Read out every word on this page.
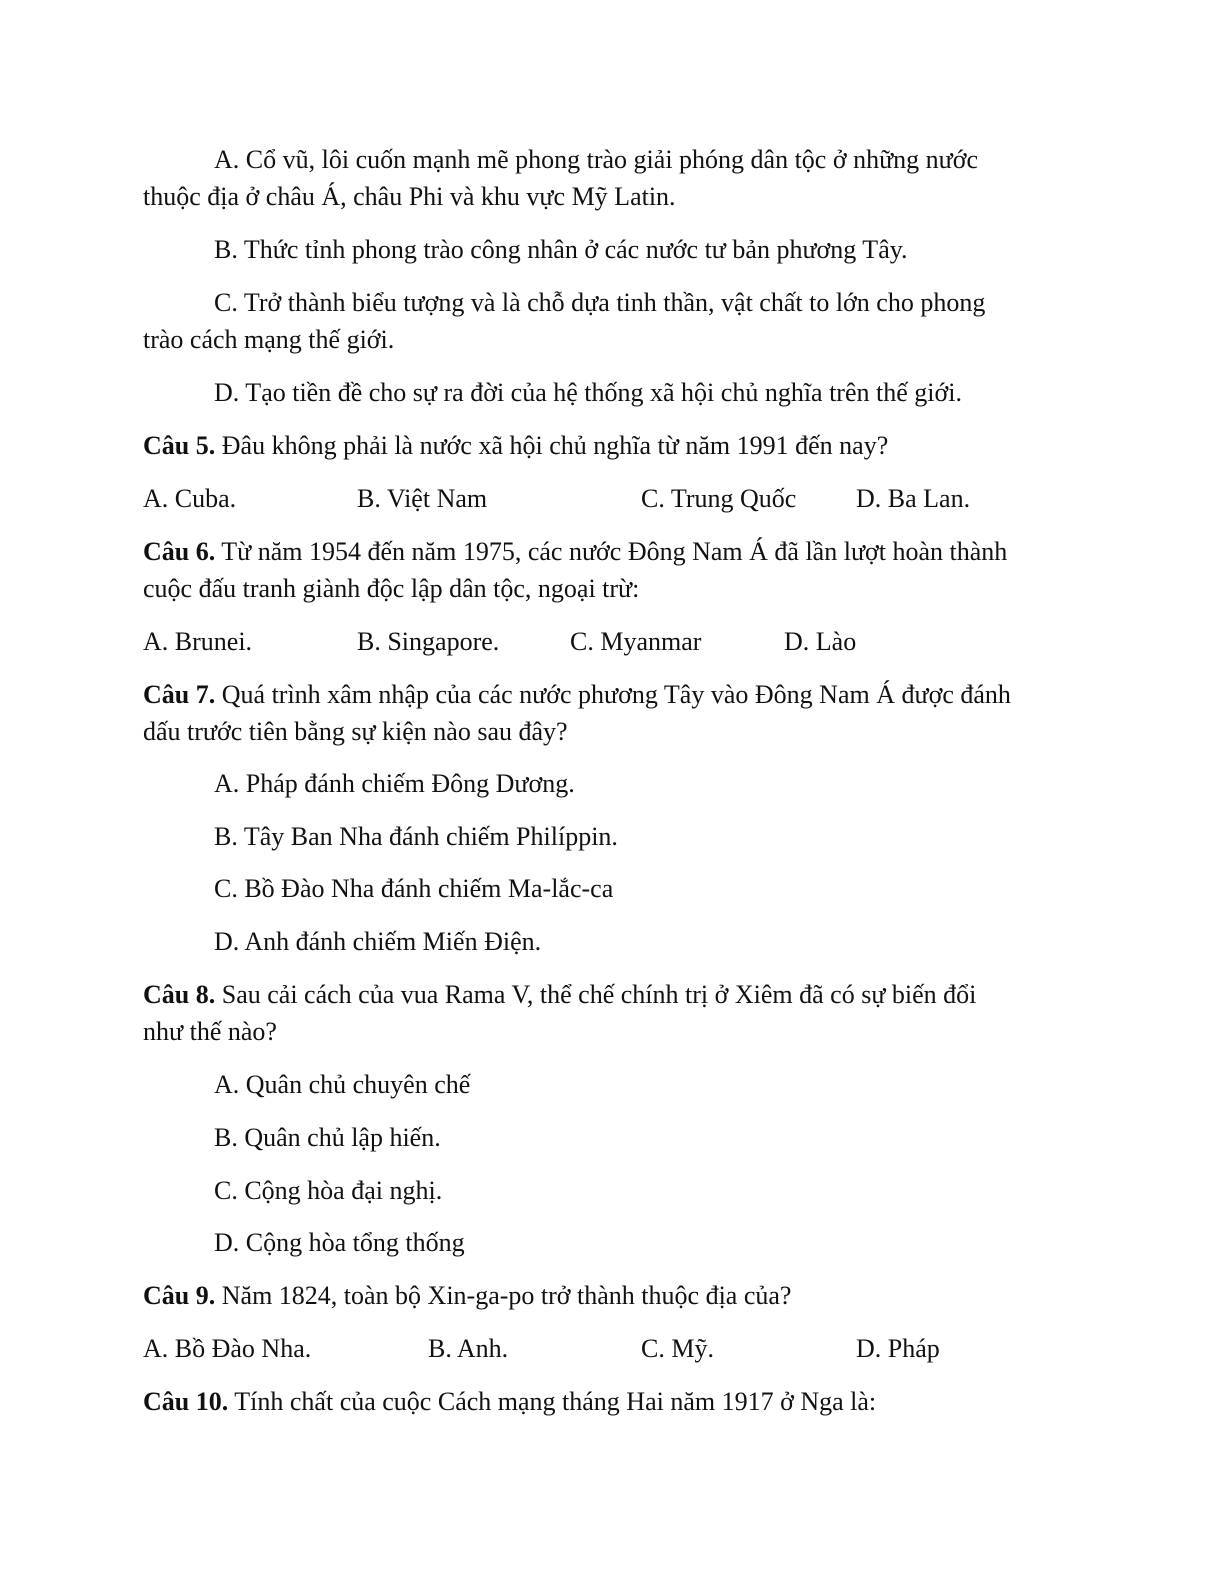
A. Cổ vũ, lôi cuốn mạnh mẽ phong trào giải phóng dân tộc ở những nước
thuộc địa ở châu Á, châu Phi và khu vực Mỹ Latin.
B. Thức tỉnh phong trào công nhân ở các nước tư bản phương Tây.
C. Trở thành biểu tượng và là chỗ dựa tinh thần, vật chất to lớn cho phong
trào cách mạng thế giới.
D. Tạo tiền đề cho sự ra đời của hệ thống xã hội chủ nghĩa trên thế giới.
Câu 5. Đâu không phải là nước xã hội chủ nghĩa từ năm 1991 đến nay?
A. Cuba.	B. Việt Nam	C. Trung Quốc D. Ba Lan.
Câu 6. Từ năm 1954 đến năm 1975, các nước Đông Nam Á đã lần lượt hoàn thành
cuộc đấu tranh giành độc lập dân tộc, ngoại trừ:
A. Brunei.	B. Singapore.	C. Myanmar	D. Lào
Câu 7. Quá trình xâm nhập của các nước phương Tây vào Đông Nam Á được đánh
dấu trước tiên bằng sự kiện nào sau đây?
A. Pháp đánh chiếm Đông Dương.
B. Tây Ban Nha đánh chiếm Philíppin.
C. Bồ Đào Nha đánh chiếm Ma-lắc-ca
D. Anh đánh chiếm Miến Điện.
Câu 8. Sau cải cách của vua Rama V, thể chế chính trị ở Xiêm đã có sự biến đổi
như thế nào?
A. Quân chủ chuyên chế
B. Quân chủ lập hiến.
C. Cộng hòa đại nghị.
D. Cộng hòa tổng thống
Câu 9. Năm 1824, toàn bộ Xin-ga-po trở thành thuộc địa của?
A. Bồ Đào Nha.	B. Anh.	C. Mỹ.	D. Pháp
Câu 10. Tính chất của cuộc Cách mạng tháng Hai năm 1917 ở Nga là:
